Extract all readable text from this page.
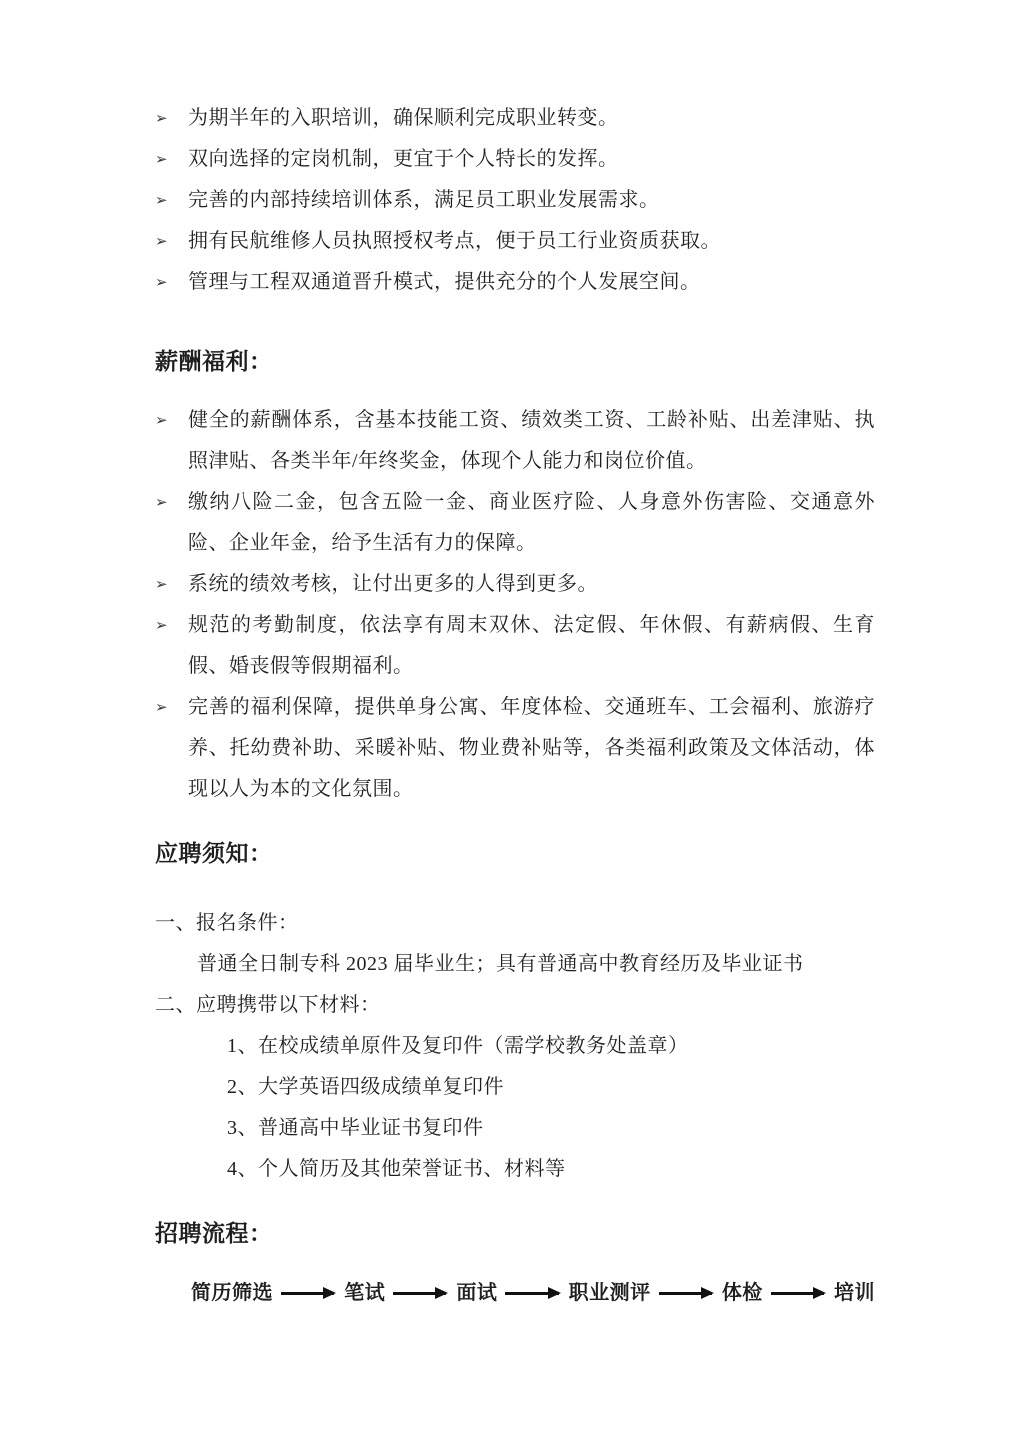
➢	为期半年的入职培训，确保顺利完成职业转变。
➢	双向选择的定岗机制，更宜于个人特长的发挥。
➢	完善的内部持续培训体系，满足员工职业发展需求。
➢	拥有民航维修人员执照授权考点，便于员工行业资质获取。
➢	管理与工程双通道晋升模式，提供充分的个人发展空间。
薪酬福利：
➢	健全的薪酬体系，含基本技能工资、绩效类工资、工龄补贴、出差津贴、执照津贴、各类半年/年终奖金，体现个人能力和岗位价值。
➢	缴纳八险二金，包含五险一金、商业医疗险、人身意外伤害险、交通意外险、企业年金，给予生活有力的保障。
➢	系统的绩效考核，让付出更多的人得到更多。
➢	规范的考勤制度，依法享有周末双休、法定假、年休假、有薪病假、生育假、婚丧假等假期福利。
➢	完善的福利保障，提供单身公寓、年度体检、交通班车、工会福利、旅游疗养、托幼费补助、采暖补贴、物业费补贴等，各类福利政策及文体活动，体现以人为本的文化氛围。
应聘须知：
一、报名条件：
普通全日制专科 2023 届毕业生；具有普通高中教育经历及毕业证书
二、应聘携带以下材料：
1、在校成绩单原件及复印件（需学校教务处盖章）
2、大学英语四级成绩单复印件
3、普通高中毕业证书复印件
4、个人简历及其他荣誉证书、材料等
招聘流程：
简历筛选	笔试	面试	职业测评	体检	培训
